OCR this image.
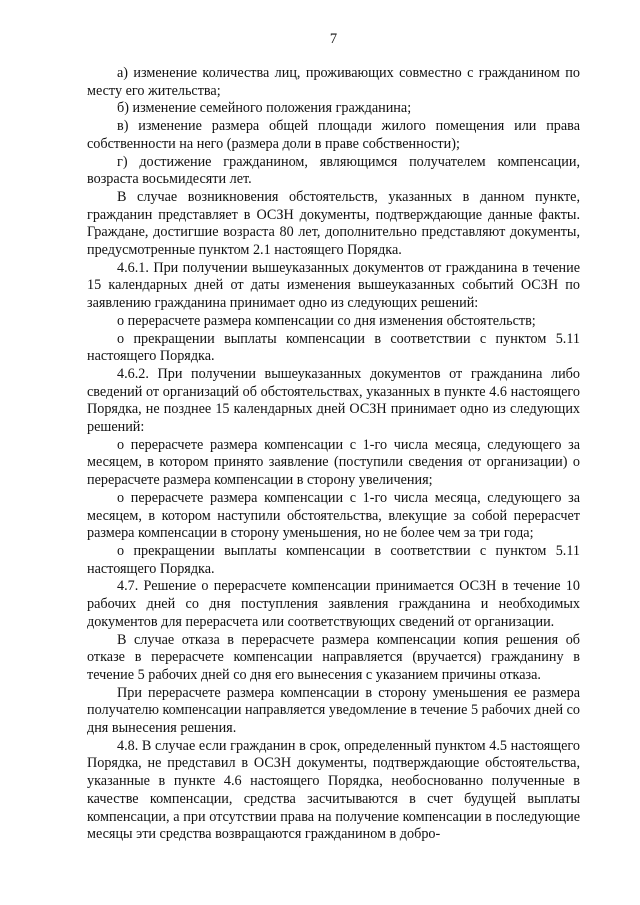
7

а) изменение количества лиц, проживающих совместно с гражданином по месту его жительства;

б) изменение семейного положения гражданина;

в) изменение размера общей площади жилого помещения или права собственности на него (размера доли в праве собственности);

г) достижение гражданином, являющимся получателем компенсации, возраста восьмидесяти лет.

В случае возникновения обстоятельств, указанных в данном пункте, гражданин представляет в ОСЗН документы, подтверждающие данные факты. Граждане, достигшие возраста 80 лет, дополнительно представляют документы, предусмотренные пунктом 2.1 настоящего Порядка.

4.6.1. При получении вышеуказанных документов от гражданина в течение 15 календарных дней от даты изменения вышеуказанных событий ОСЗН по заявлению гражданина принимает одно из следующих решений:

о перерасчете размера компенсации со дня изменения обстоятельств;

о прекращении выплаты компенсации в соответствии с пунктом 5.11 настоящего Порядка.

4.6.2. При получении вышеуказанных документов от гражданина либо сведений от организаций об обстоятельствах, указанных в пункте 4.6 настоящего Порядка, не позднее 15 календарных дней ОСЗН принимает одно из следующих решений:

о перерасчете размера компенсации с 1-го числа месяца, следующего за месяцем, в котором принято заявление (поступили сведения от организации) о перерасчете размера компенсации в сторону увеличения;

о перерасчете размера компенсации с 1-го числа месяца, следующего за месяцем, в котором наступили обстоятельства, влекущие за собой перерасчет размера компенсации в сторону уменьшения, но не более чем за три года;

о прекращении выплаты компенсации в соответствии с пунктом 5.11 настоящего Порядка.

4.7. Решение о перерасчете компенсации принимается ОСЗН в течение 10 рабочих дней со дня поступления заявления гражданина и необходимых документов для перерасчета или соответствующих сведений от организации.

В случае отказа в перерасчете размера компенсации копия решения об отказе в перерасчете компенсации направляется (вручается) гражданину в течение 5 рабочих дней со дня его вынесения с указанием причины отказа.

При перерасчете размера компенсации в сторону уменьшения ее размера получателю компенсации направляется уведомление в течение 5 рабочих дней со дня вынесения решения.

4.8. В случае если гражданин в срок, определенный пунктом 4.5 настоящего Порядка, не представил в ОСЗН документы, подтверждающие обстоятельства, указанные в пункте 4.6 настоящего Порядка, необоснованно полученные в качестве компенсации, средства засчитываются в счет будущей выплаты компенсации, а при отсутствии права на получение компенсации в последующие месяцы эти средства возвращаются гражданином в добро-
